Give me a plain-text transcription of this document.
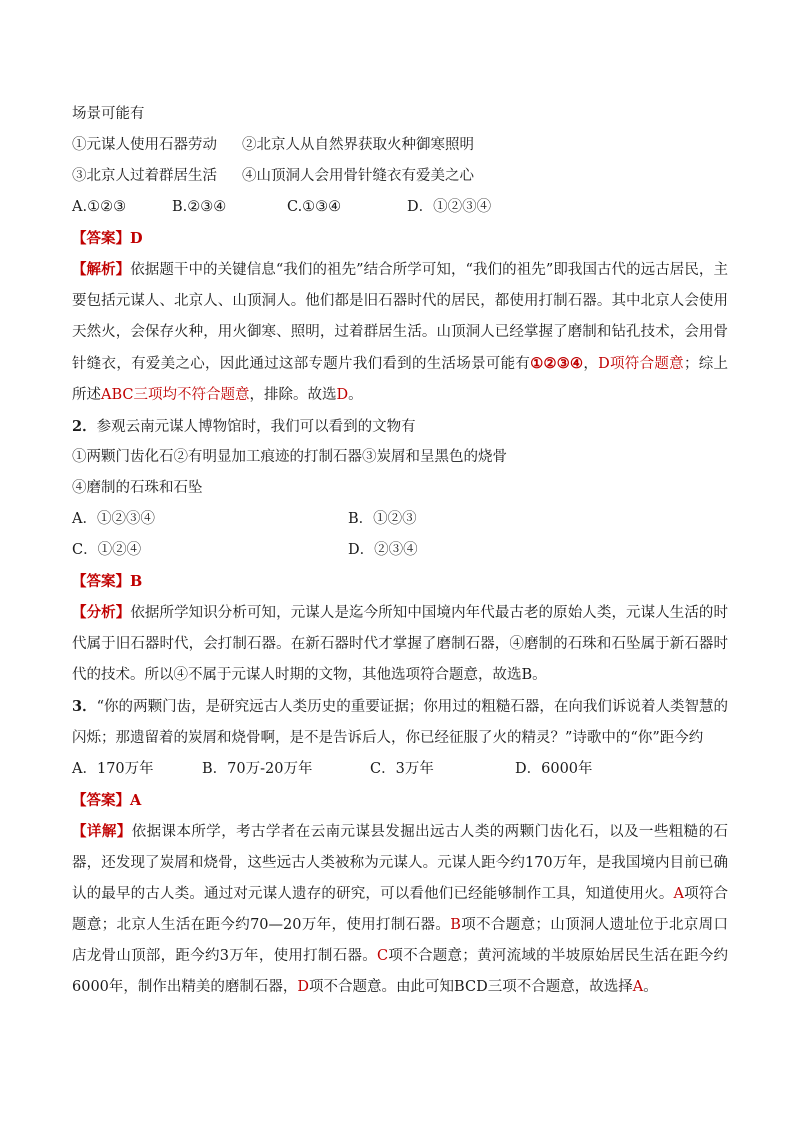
场景可能有
①元谋人使用石器劳动	②北京人从自然界获取火种御寒照明
③北京人过着群居生活	④山顶洞人会用骨针缝衣有爱美之心
A.①②③	B.②③④	C.①③④	D．①②③④
【答案】D
【解析】依据题干中的关键信息“我们的祖先”结合所学可知，“我们的祖先”即我国古代的远古居民，主要包括元谋人、北京人、山顶洞人。他们都是旧石器时代的居民，都使用打制石器。其中北京人会使用天然火，会保存火种，用火御寒、照明，过着群居生活。山顶洞人已经掌握了磨制和钻孔技术，会用骨针缝衣，有爱美之心，因此通过这部专题片我们看到的生活场景可能有①②③④，D项符合题意；综上所述ABC三项均不符合题意，排除。故选D。
2．参观云南元谋人博物馆时，我们可以看到的文物有
①两颗门齿化石②有明显加工痕迹的打制石器③炭屑和呈黑色的烧骨
④磨制的石珠和石坠
A．①②③④	B．①②③
C．①②④	D．②③④
【答案】B
【分析】依据所学知识分析可知，元谋人是迄今所知中国境内年代最古老的原始人类，元谋人生活的时代属于旧石器时代，会打制石器。在新石器时代才掌握了磨制石器，④磨制的石珠和石坠属于新石器时代的技术。所以④不属于元谋人时期的文物，其他选项符合题意，故选B。
3．“你的两颗门齿，是研究远古人类历史的重要证据；你用过的粗糙石器，在向我们诉说着人类智慧的闪烁；那遗留着的炭屑和烧骨啊，是不是告诉后人，你已经征服了火的精灵？”诗歌中的“你”距今约
A．170万年	B．70万-20万年	C．3万年	D．6000年
【答案】A
【详解】依据课本所学，考古学者在云南元谋县发掘出远古人类的两颗门齿化石，以及一些粗糙的石器，还发现了炭屑和烧骨，这些远古人类被称为元谋人。元谋人距今约170万年，是我国境内目前已确认的最早的古人类。通过对元谋人遗存的研究，可以看他们已经能够制作工具，知道使用火。A项符合题意；北京人生活在距今约70—20万年，使用打制石器。B项不合题意；山顶洞人遗址位于北京周口店龙骨山顶部，距今约3万年，使用打制石器。C项不合题意；黄河流域的半坡原始居民生活在距今约6000年，制作出精美的磨制石器，D项不合题意。由此可知BCD三项不合题意，故选择A。
